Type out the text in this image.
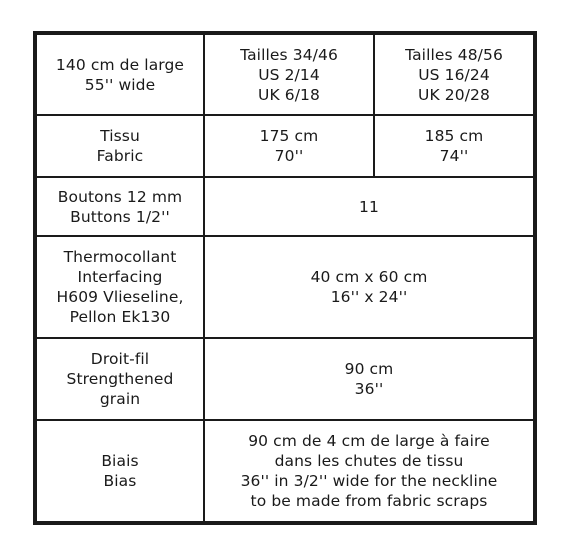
140 cm de large
55'' wide
Tailles 34/46
US 2/14
UK 6/18
Tailles 48/56
US 16/24
UK 20/28
Tissu
Fabric
175 cm
70''
185 cm
74''
Boutons 12 mm
Buttons 1/2''
11
Thermocollant
Interfacing
H609 Vlieseline,
Pellon Ek130
40 cm x 60 cm
16'' x 24''
Droit-fil
Strengthened
grain
90 cm
36''
Biais
Bias
90 cm de 4 cm de large à faire
dans les chutes de tissu
36'' in 3/2'' wide for the neckline
to be made from fabric scraps
